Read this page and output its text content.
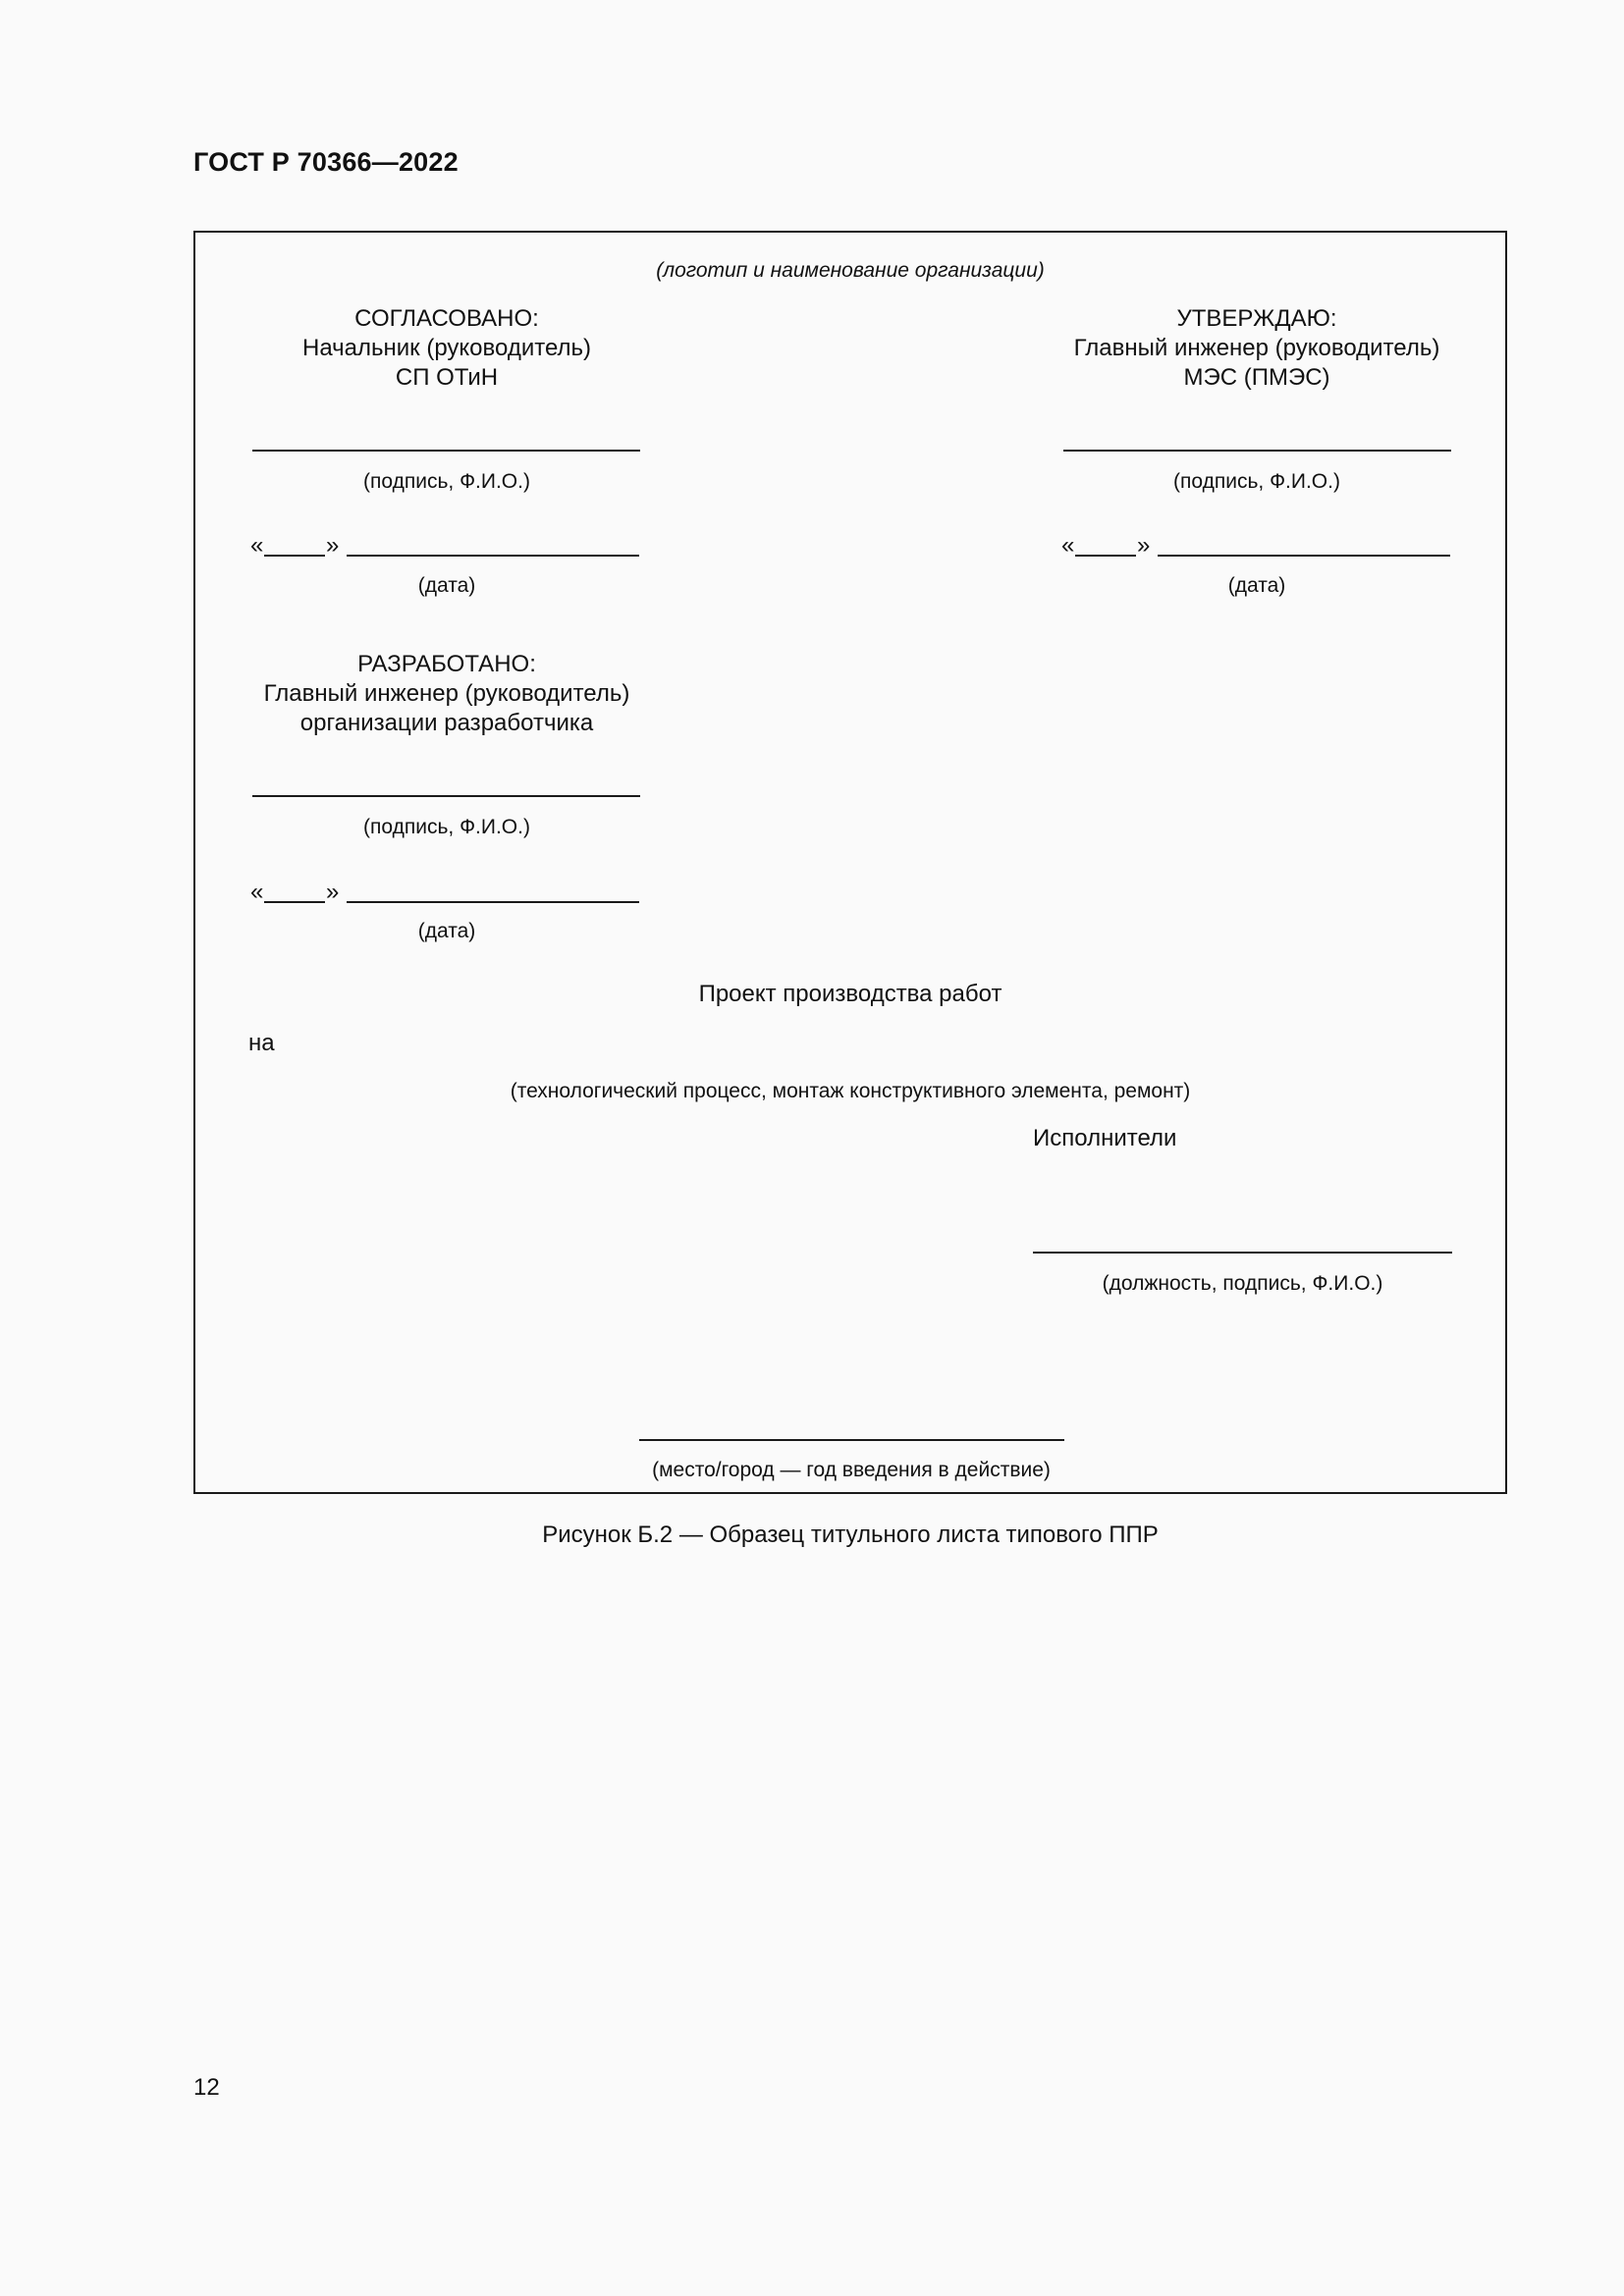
ГОСТ Р 70366—2022
(логотип и наименование организации)
СОГЛАСОВАНО:
Начальник (руководитель)
СП ОТиН
(подпись, Ф.И.О.)
«	»
(дата)
УТВЕРЖДАЮ:
Главный инженер (руководитель)
МЭС (ПМЭС)
(подпись, Ф.И.О.)
«	»
(дата)
РАЗРАБОТАНО:
Главный инженер (руководитель)
организации разработчика
(подпись, Ф.И.О.)
«	»
(дата)
Проект производства работ
на
(технологический процесс, монтаж конструктивного элемента, ремонт)
Исполнители
(должность, подпись, Ф.И.О.)
(место/город — год введения в действие)
Рисунок Б.2 — Образец титульного листа типового ППР
12
